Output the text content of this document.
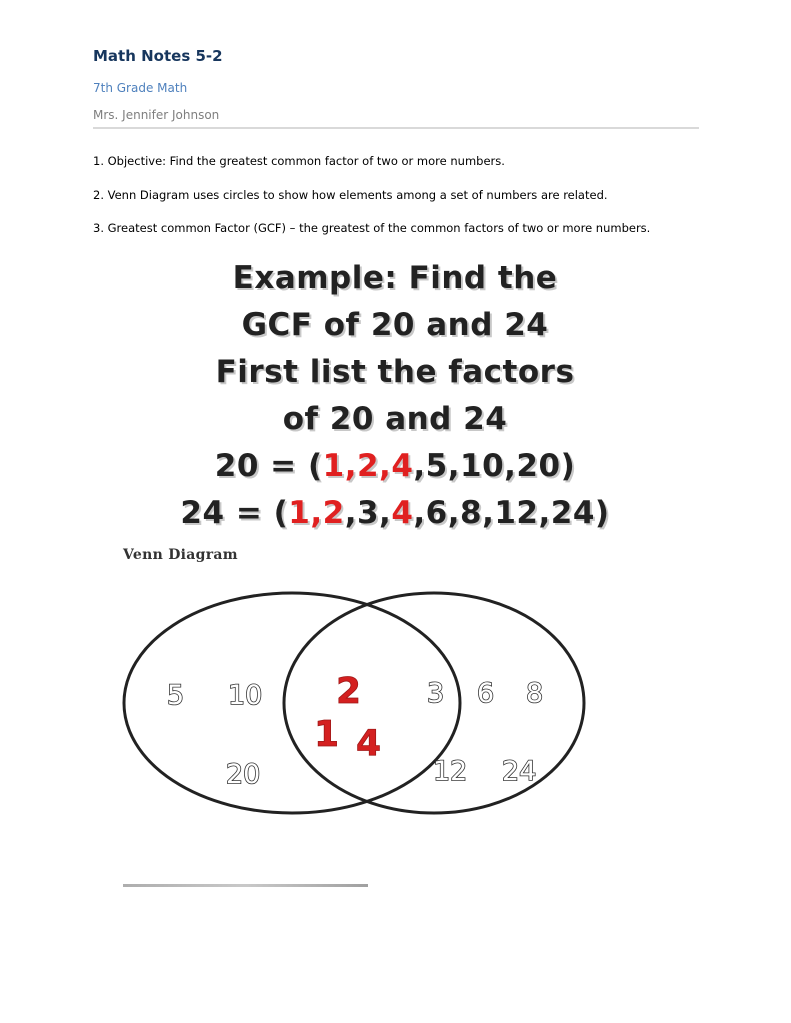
Math Notes 5-2
7th Grade Math
Mrs. Jennifer Johnson

1. Objective: Find the greatest common factor of two or more numbers.

2. Venn Diagram uses circles to show how elements among a set of numbers are related.

3. Greatest common Factor (GCF) – the greatest of the common factors of two or more numbers.

Example: Find the
GCF of 20 and 24
First list the factors
of 20 and 24
20 = (1,2,4,5,10,20)
24 = (1,2,3,4,6,8,12,24)
Venn Diagram
5 10
20
2
1 4
3 6 8
12 24
